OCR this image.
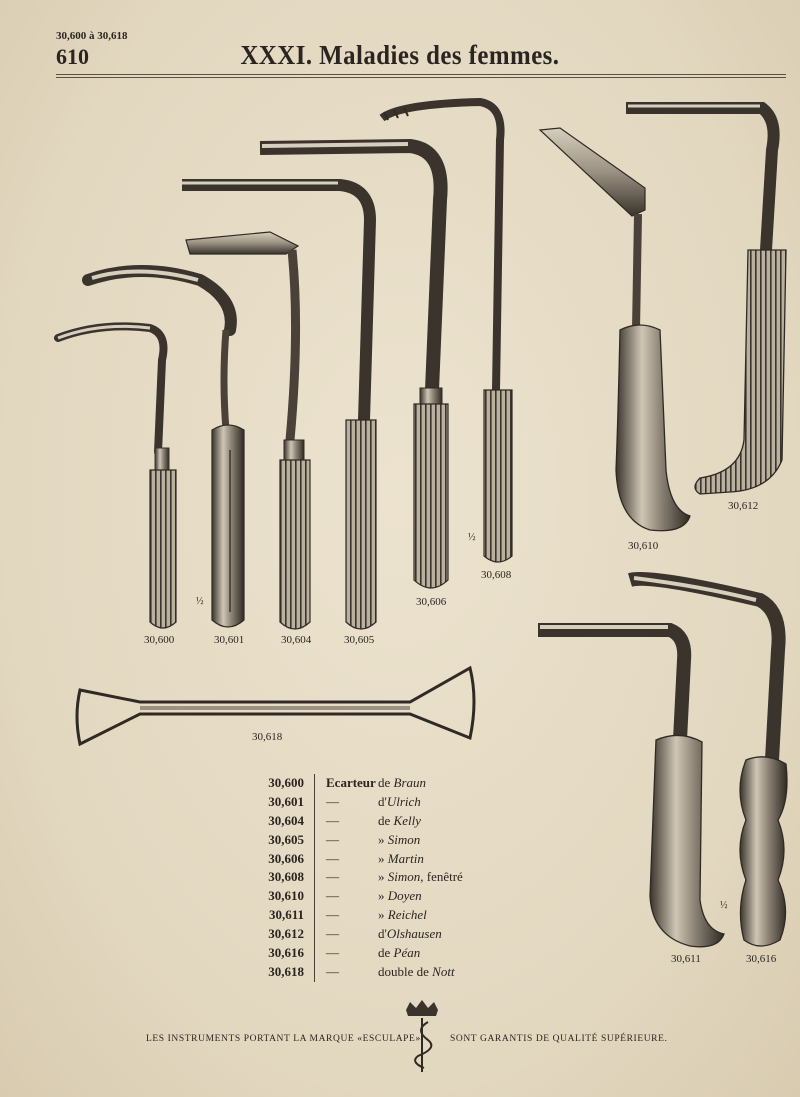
30,600 à 30,618
610	XXXI. Maladies des femmes.
30,600	30,601	30,604	30,605
30,606
30,608
30,610
30,612
30,618
30,611	30,616
½
½
½
30,600 Ecarteur de Braun
30,601 —	d'Ulrich
30,604 —	de Kelly
30,605 —	» Simon
30,606 —	» Martin
30,608 —	» Simon, fenêtré
30,610 —	» Doyen
30,611 —	» Reichel
30,612 —	d'Olshausen
30,616 —	de Péan
30,618 —	double de Nott
LES INSTRUMENTS PORTANT LA MARQUE «ESCULAPE»	SONT GARANTIS DE QUALITÉ SUPÉRIEURE.
